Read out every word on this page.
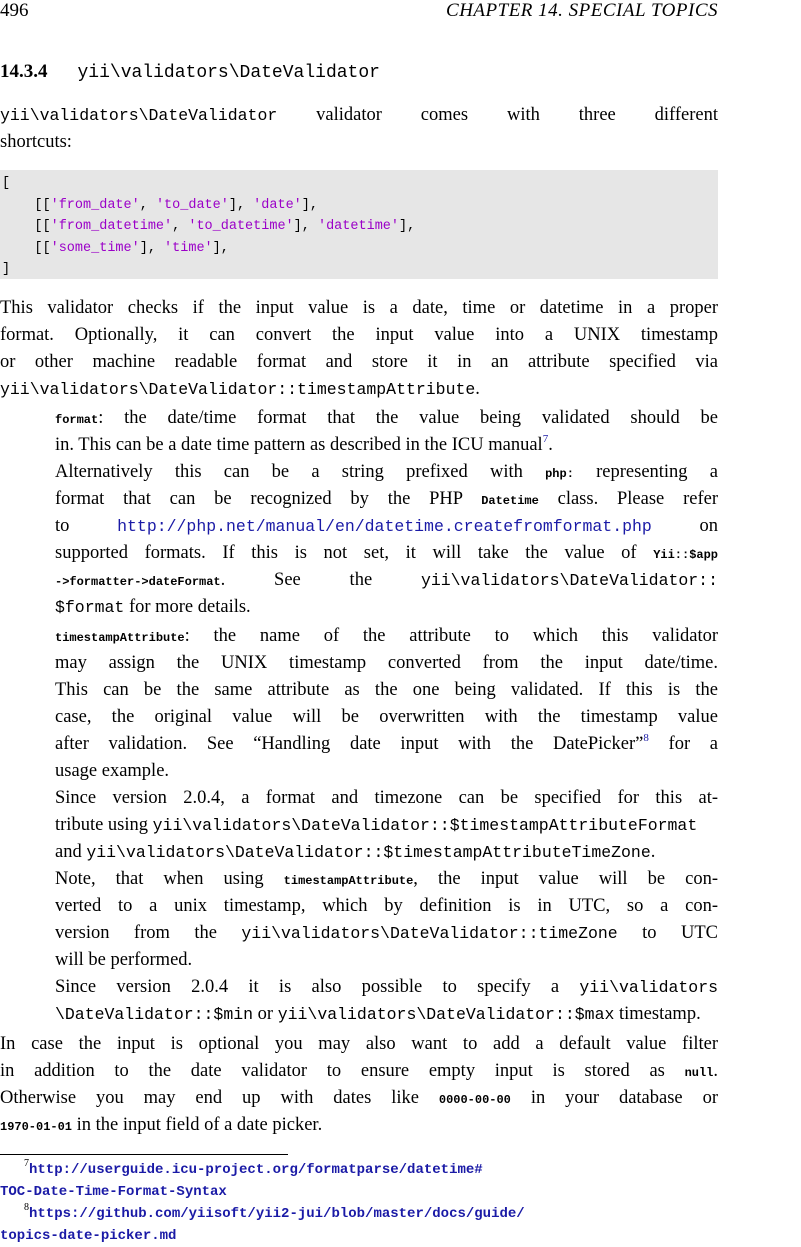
496	CHAPTER 14. SPECIAL TOPICS
14.3.4 yii\validators\DateValidator
yii\validators\DateValidator validator comes with three different
shortcuts:
[
[['from_date', 'to_date'], 'date'],
[['from_datetime', 'to_datetime'], 'datetime'],
[['some_time'], 'time'],
]
This validator checks if the input value is a date, time or datetime in a proper
format. Optionally, it can convert the input value into a UNIX timestamp
or other machine readable format and store it in an attribute specified via
yii\validators\DateValidator::timestampAttribute.
format: the date/time format that the value being validated should be
in. This can be a date time pattern as described in the ICU manual$^7$.
Alternatively this can be a string prefixed with php: representing a
format that can be recognized by the PHP Datetime class. Please refer
to http://php.net/manual/en/datetime.createfromformat.php on
supported formats. If this is not set, it will take the value of Yii::$app
->formatter->dateFormat. See the yii\validators\DateValidator::
$format for more details.
timestampAttribute: the name of the attribute to which this validator
may assign the UNIX timestamp converted from the input date/time.
This can be the same attribute as the one being validated. If this is the
case, the original value will be overwritten with the timestamp value
after validation. See “Handling date input with the DatePicker”$^8$ for a
usage example.
Since version 2.0.4, a format and timezone can be specified for this at-
tribute using yii\validators\DateValidator::$timestampAttributeFormat
and yii\validators\DateValidator::$timestampAttributeTimeZone.
Note, that when using timestampAttribute, the input value will be con-
verted to a unix timestamp, which by definition is in UTC, so a con-
version from the yii\validators\DateValidator::timeZone to UTC
will be performed.
Since version 2.0.4 it is also possible to specify a yii\validators
\DateValidator::$min or yii\validators\DateValidator::$max timestamp.
In case the input is optional you may also want to add a default value filter
in addition to the date validator to ensure empty input is stored as null.
Otherwise you may end up with dates like 0000-00-00 in your database or
1970-01-01 in the input field of a date picker.
$^7$http://userguide.icu-project.org/formatparse/datetime#
TOC-Date-Time-Format-Syntax
$^8$https://github.com/yiisoft/yii2-jui/blob/master/docs/guide/
topics-date-picker.md
